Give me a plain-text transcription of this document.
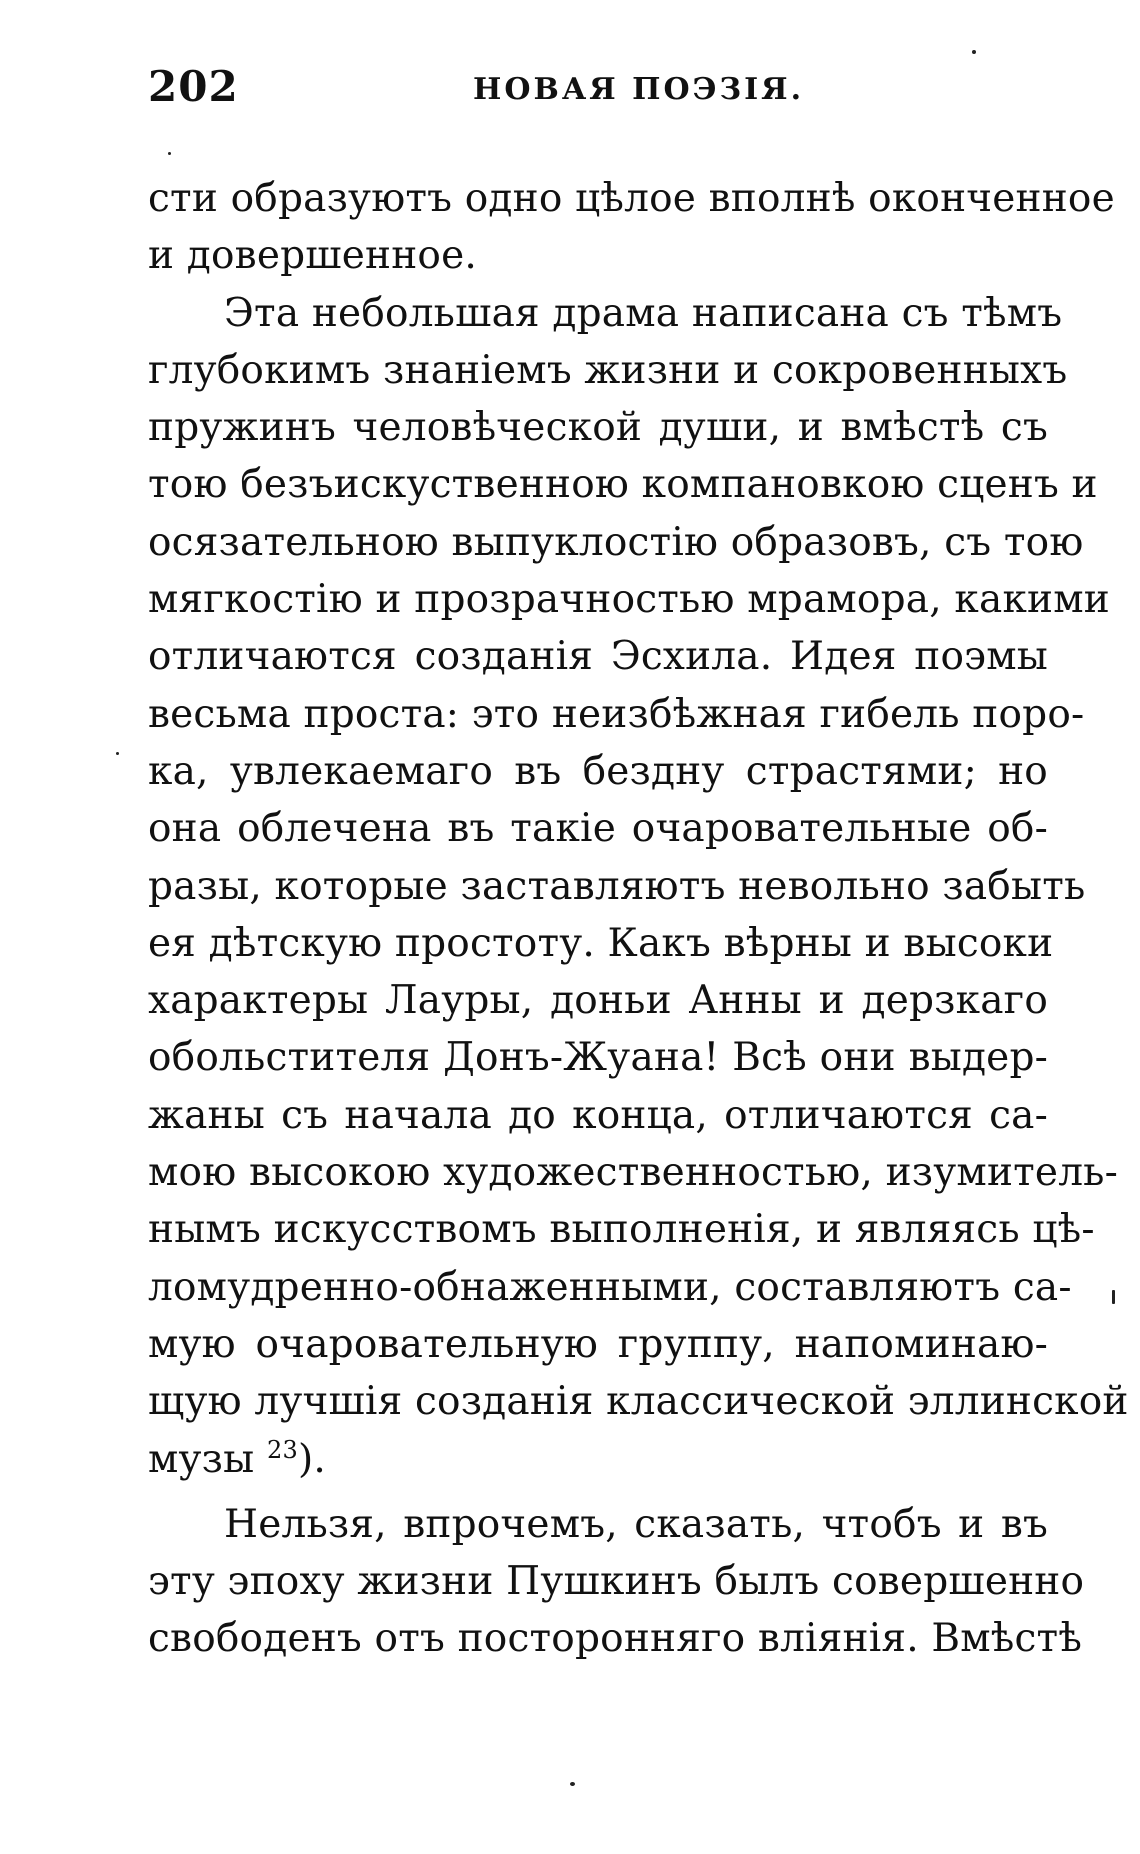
202	НОВАЯ ПОЭЗІЯ.
сти образуютъ одно цѣлое вполнѣ оконченное
и довершенное.
Эта небольшая драма написана съ тѣмъ
глубокимъ знаніемъ жизни и сокровенныхъ
пружинъ человѣческой души, и вмѣстѣ съ
тою безъискуственною компановкою сценъ и
осязательною выпуклостію образовъ, съ тою
мягкостію и прозрачностью мрамора, какими
отличаются созданія Эсхила. Идея поэмы
весьма проста: это неизбѣжная гибель поро-
ка, увлекаемаго въ бездну страстями; но
она облечена въ такіе очаровательные об-
разы, которые заставляютъ невольно забыть
ея дѣтскую простоту. Какъ вѣрны и высоки
характеры Лауры, доньи Анны и дерзкаго
обольстителя Донъ-Жуана! Всѣ они выдер-
жаны съ начала до конца, отличаются са-
мою высокою художественностью, изумитель-
нымъ искусствомъ выполненія, и являясь цѣ-
ломудренно-обнаженными, составляютъ са-
мую очаровательную группу, напоминаю-
щую лучшія созданія классической эллинской
музы $^{23}$).
Нельзя, впрочемъ, сказать, чтобъ и въ
эту эпоху жизни Пушкинъ былъ совершенно
свободенъ отъ посторонняго вліянія. Вмѣстѣ
